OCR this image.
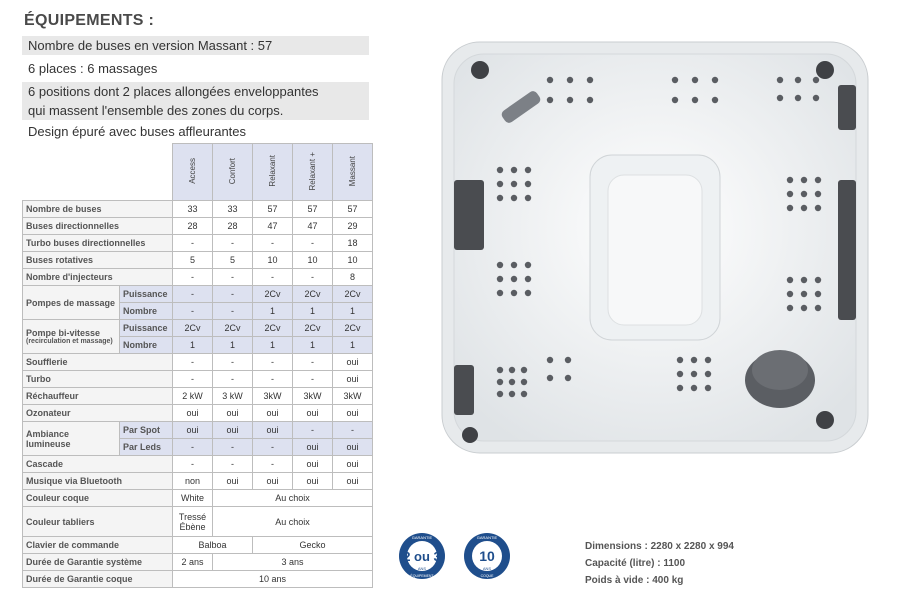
ÉQUIPEMENTS :
Nombre de buses en version Massant : 57
6 places : 6 massages
6 positions dont 2 places allongées enveloppantes
qui massent l'ensemble des zones du corps.
Design épuré avec buses affleurantes
		Access	Confort	Relaxant	Relaxant +	Massant
Nombre de buses		33	33	57	57	57
Buses directionnelles		28	28	47	47	29
Turbo buses directionnelles		-	-	-	-	18
Buses rotatives		5	5	10	10	10
Nombre d'injecteurs		-	-	-	-	8
Pompes de massage	Puissance	-	-	2Cv	2Cv	2Cv
	Nombre	-	-	1	1	1

Pompe bi-vitesse
(recirculation et massage)	Puissance	2Cv	2Cv	2Cv	2Cv	2Cv
	Nombre	1	1	1	1	1
Soufflerie		-	-	-	-	oui
Turbo		-	-	-	-	oui
Réchauffeur		2 kW	3 kW	3kW	3kW	3kW
Ozonateur		oui	oui	oui	oui	oui
Ambiance lumineuse	Par Spot	oui	oui	oui	-	-
	Par Leds	-	-	-	oui	oui
Cascade		-	-	-	oui	oui
Musique via Bluetooth		non	oui	oui	oui	oui
Couleur coque		White	Au choix			
Couleur tabliers		Tressé Ébène	Au choix			
Clavier de commande		Balboa		Gecko		
Durée de Garantie système		2 ans	3 ans			
Durée de Garantie coque		10 ans				
2 ou 3
ANS
GARANTIE
ÉQUIPEMENT
10
ANS
GARANTIE
COQUE
Dimensions : 2280 x 2280 x 994
Capacité (litre) : 1100
Poids à vide : 400 kg
